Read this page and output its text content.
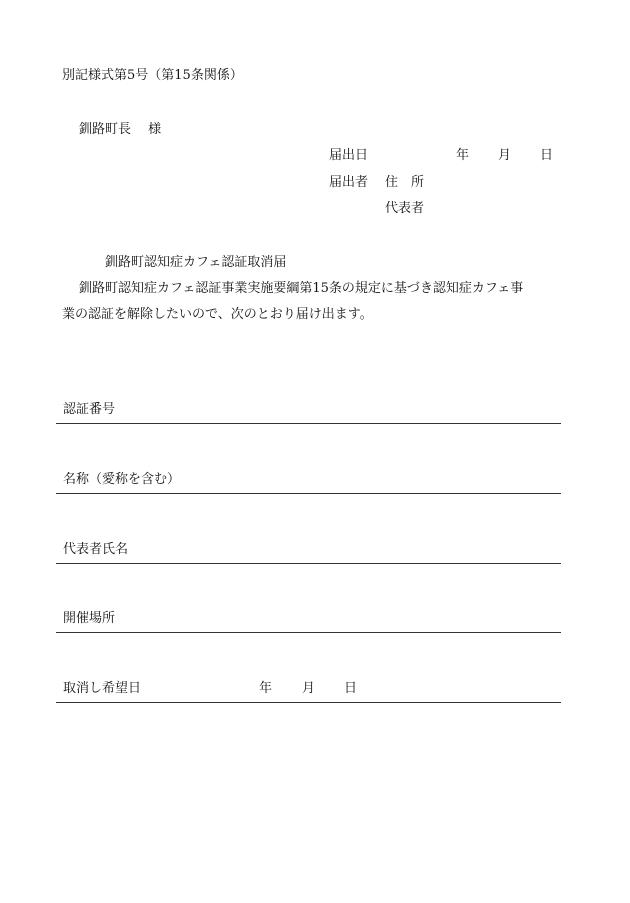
別記様式第5号（第15条関係）
釧路町長　 様
届出日	年 月 日
届出者 住　所
代表者
釧路町認知症カフェ認証取消届
釧路町認知症カフェ認証事業実施要綱第15条の規定に基づき認知症カフェ事
業の認証を解除したいので、次のとおり届け出ます。
認証番号
名称（愛称を含む）
代表者氏名
開催場所
取消し希望日	年 月 日
